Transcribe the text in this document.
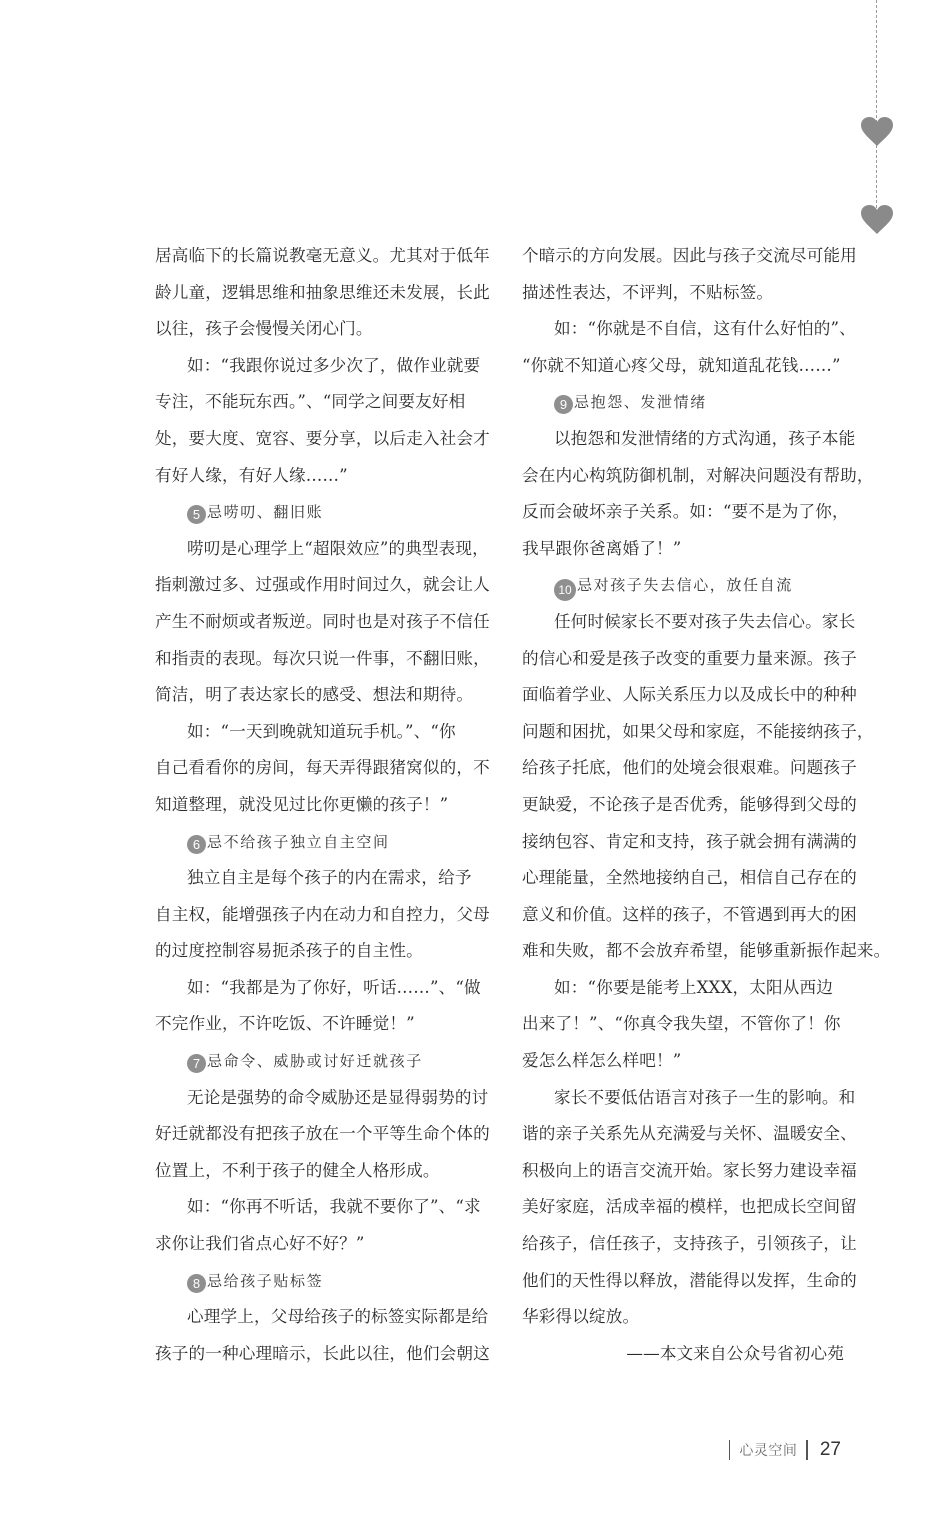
居高临下的长篇说教毫无意义。尤其对于低年
龄儿童，逻辑思维和抽象思维还未发展，长此
以往，孩子会慢慢关闭心门。
如：“我跟你说过多少次了，做作业就要
专注，不能玩东西。”、“同学之间要友好相
处，要大度、宽容、要分享，以后走入社会才
有好人缘，有好人缘……”
5 忌唠叨、翻旧账
唠叨是心理学上“超限效应”的典型表现，
指刺激过多、过强或作用时间过久，就会让人
产生不耐烦或者叛逆。同时也是对孩子不信任
和指责的表现。每次只说一件事，不翻旧账，
简洁，明了表达家长的感受、想法和期待。
如：“一天到晚就知道玩手机。”、“你
自己看看你的房间，每天弄得跟猪窝似的，不
知道整理，就没见过比你更懒的孩子！”
6 忌不给孩子独立自主空间
独立自主是每个孩子的内在需求，给予
自主权，能增强孩子内在动力和自控力，父母
的过度控制容易扼杀孩子的自主性。
如：“我都是为了你好，听话……”、“做
不完作业，不许吃饭、不许睡觉！”
7 忌命令、威胁或讨好迁就孩子
无论是强势的命令威胁还是显得弱势的讨
好迁就都没有把孩子放在一个平等生命个体的
位置上，不利于孩子的健全人格形成。
如：“你再不听话，我就不要你了”、“求
求你让我们省点心好不好？”
8 忌给孩子贴标签
心理学上，父母给孩子的标签实际都是给
孩子的一种心理暗示，长此以往，他们会朝这
个暗示的方向发展。因此与孩子交流尽可能用
描述性表达，不评判，不贴标签。
如：“你就是不自信，这有什么好怕的”、
“你就不知道心疼父母，就知道乱花钱……”
9 忌抱怨、发泄情绪
以抱怨和发泄情绪的方式沟通，孩子本能
会在内心构筑防御机制，对解决问题没有帮助，
反而会破坏亲子关系。如：“要不是为了你，
我早跟你爸离婚了！”
10 忌对孩子失去信心，放任自流
任何时候家长不要对孩子失去信心。家长
的信心和爱是孩子改变的重要力量来源。孩子
面临着学业、人际关系压力以及成长中的种种
问题和困扰，如果父母和家庭，不能接纳孩子，
给孩子托底，他们的处境会很艰难。问题孩子
更缺爱，不论孩子是否优秀，能够得到父母的
接纳包容、肯定和支持，孩子就会拥有满满的
心理能量，全然地接纳自己，相信自己存在的
意义和价值。这样的孩子，不管遇到再大的困
难和失败，都不会放弃希望，能够重新振作起来。
如：“你要是能考上XXX，太阳从西边
出来了！”、“你真令我失望，不管你了！你
爱怎么样怎么样吧！”
家长不要低估语言对孩子一生的影响。和
谐的亲子关系先从充满爱与关怀、温暖安全、
积极向上的语言交流开始。家长努力建设幸福
美好家庭，活成幸福的模样，也把成长空间留
给孩子，信任孩子，支持孩子，引领孩子，让
他们的天性得以释放，潜能得以发挥，生命的
华彩得以绽放。
——本文来自公众号省初心苑
心灵空间 27
